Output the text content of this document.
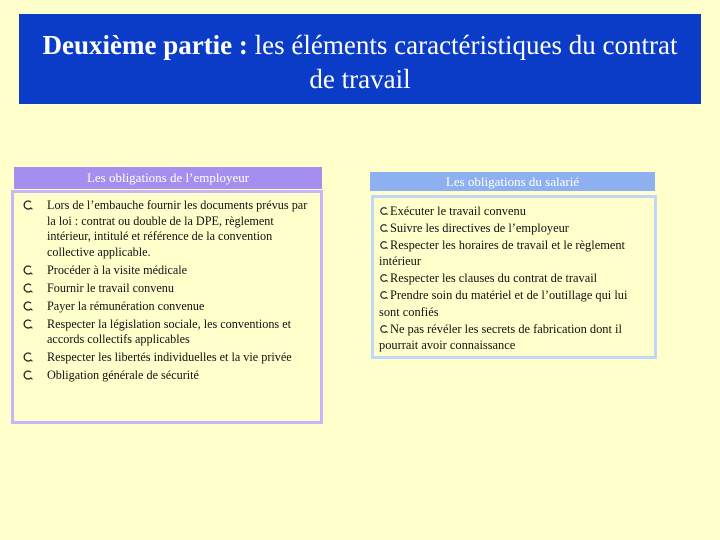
Deuxième partie : les éléments caractéristiques du contrat
de travail
Les obligations de l’employeur
Lors de l’embauche fournir les documents prévus par la loi : contrat ou double de la DPE, règlement intérieur, intitulé et référence de la convention collective applicable.
Procéder à la visite médicale
Fournir le travail convenu
Payer la rémunération convenue
Respecter la législation sociale, les conventions et accords collectifs applicables
Respecter les libertés individuelles et la vie privée
Obligation générale de sécurité
Les obligations du salarié
Exécuter le travail convenu
Suivre les directives de l’employeur
Respecter les horaires de travail et le règlement intérieur
Respecter les clauses du contrat de travail
Prendre soin du matériel et de l’outillage qui lui sont confiés
Ne pas révéler les secrets de fabrication dont il pourrait avoir connaissance
